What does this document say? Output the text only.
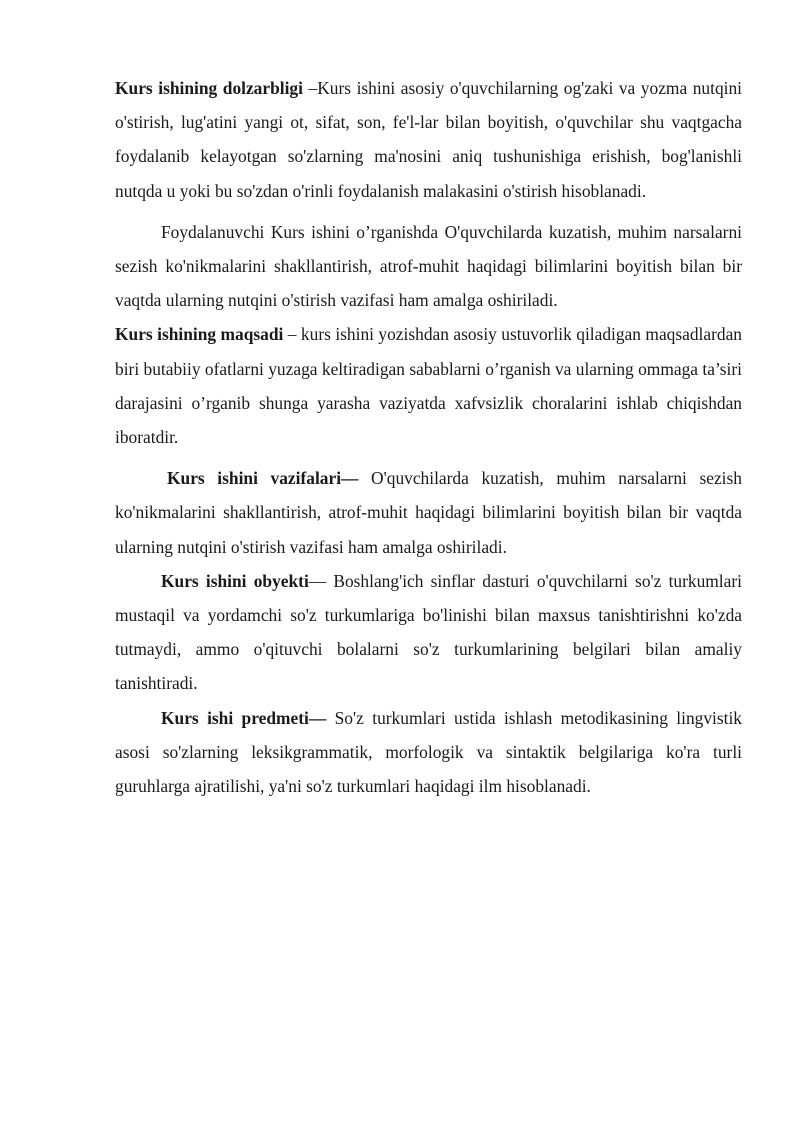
Kurs ishining dolzarbligi –Kurs ishini asosiy o'quvchilarning og'zaki va yozma nutqini o'stirish, lug'atini yangi ot, sifat, son, fe'l-lar bilan boyitish, o'quvchilar shu vaqtgacha foydalanib kelayotgan so'zlarning ma'nosini aniq tushunishiga erishish, bog'lanishli nutqda u yoki bu so'zdan o'rinli foydalanish malakasini o'stirish hisoblanadi.

Foydalanuvchi Kurs ishini o’rganishda O'quvchilarda kuzatish, muhim narsalarni sezish ko'nikmalarini shakllantirish, atrof-muhit haqidagi bilimlarini boyitish bilan bir vaqtda ularning nutqini o'stirish vazifasi ham amalga oshiriladi.

Kurs ishining maqsadi – kurs ishini yozishdan asosiy ustuvorlik qiladigan maqsadlardan biri butabiiy ofatlarni yuzaga keltiradigan sabablarni o’rganish va ularning ommaga ta’siri darajasini o’rganib shunga yarasha vaziyatda xafvsizlik choralarini ishlab chiqishdan iboratdir.

Kurs ishini vazifalari— O'quvchilarda kuzatish, muhim narsalarni sezish ko'nikmalarini shakllantirish, atrof-muhit haqidagi bilimlarini boyitish bilan bir vaqtda ularning nutqini o'stirish vazifasi ham amalga oshiriladi.

Kurs ishini obyekti— Boshlang'ich sinflar dasturi o'quvchilarni so'z turkumlari mustaqil va yordamchi so'z turkumlariga bo'linishi bilan maxsus tanishtirishni ko'zda tutmaydi, ammo o'qituvchi bolalarni so'z turkumlarining belgilari bilan amaliy tanishtiradi.

Kurs ishi predmeti— So'z turkumlari ustida ishlash metodikasining lingvistik asosi so'zlarning leksikgrammatik, morfologik va sintaktik belgilariga ko'ra turli guruhlarga ajratilishi, ya'ni so'z turkumlari haqidagi ilm hisoblanadi.
